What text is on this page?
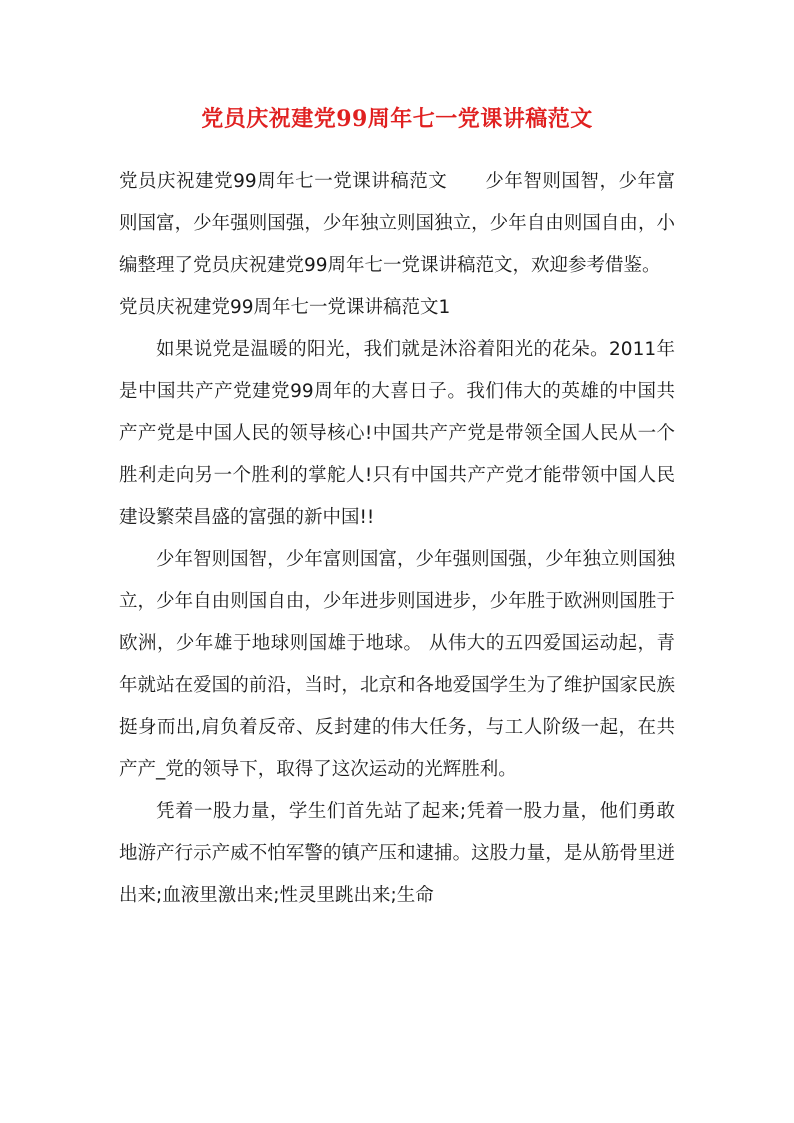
党员庆祝建党99周年七一党课讲稿范文

党员庆祝建党99周年七一党课讲稿范文　　少年智则国智，少年富则国富，少年强则国强，少年独立则国独立，少年自由则国自由，小编整理了党员庆祝建党99周年七一党课讲稿范文，欢迎参考借鉴。

党员庆祝建党99周年七一党课讲稿范文1

如果说党是温暖的阳光，我们就是沐浴着阳光的花朵。2011年是中国共产产党建党99周年的大喜日子。我们伟大的英雄的中国共产产党是中国人民的领导核心!中国共产产党是带领全国人民从一个胜利走向另一个胜利的掌舵人!只有中国共产产党才能带领中国人民建设繁荣昌盛的富强的新中国!!

少年智则国智，少年富则国富，少年强则国强，少年独立则国独立，少年自由则国自由，少年进步则国进步，少年胜于欧洲则国胜于欧洲，少年雄于地球则国雄于地球。 从伟大的五四爱国运动起，青年就站在爱国的前沿，当时，北京和各地爱国学生为了维护国家民族挺身而出,肩负着反帝、反封建的伟大任务，与工人阶级一起，在共产产_党的领导下，取得了这次运动的光辉胜利。

凭着一股力量，学生们首先站了起来;凭着一股力量，他们勇敢地游产行示产威不怕军警的镇产压和逮捕。这股力量，是从筋骨里迸出来;血液里激出来;性灵里跳出来;生命
